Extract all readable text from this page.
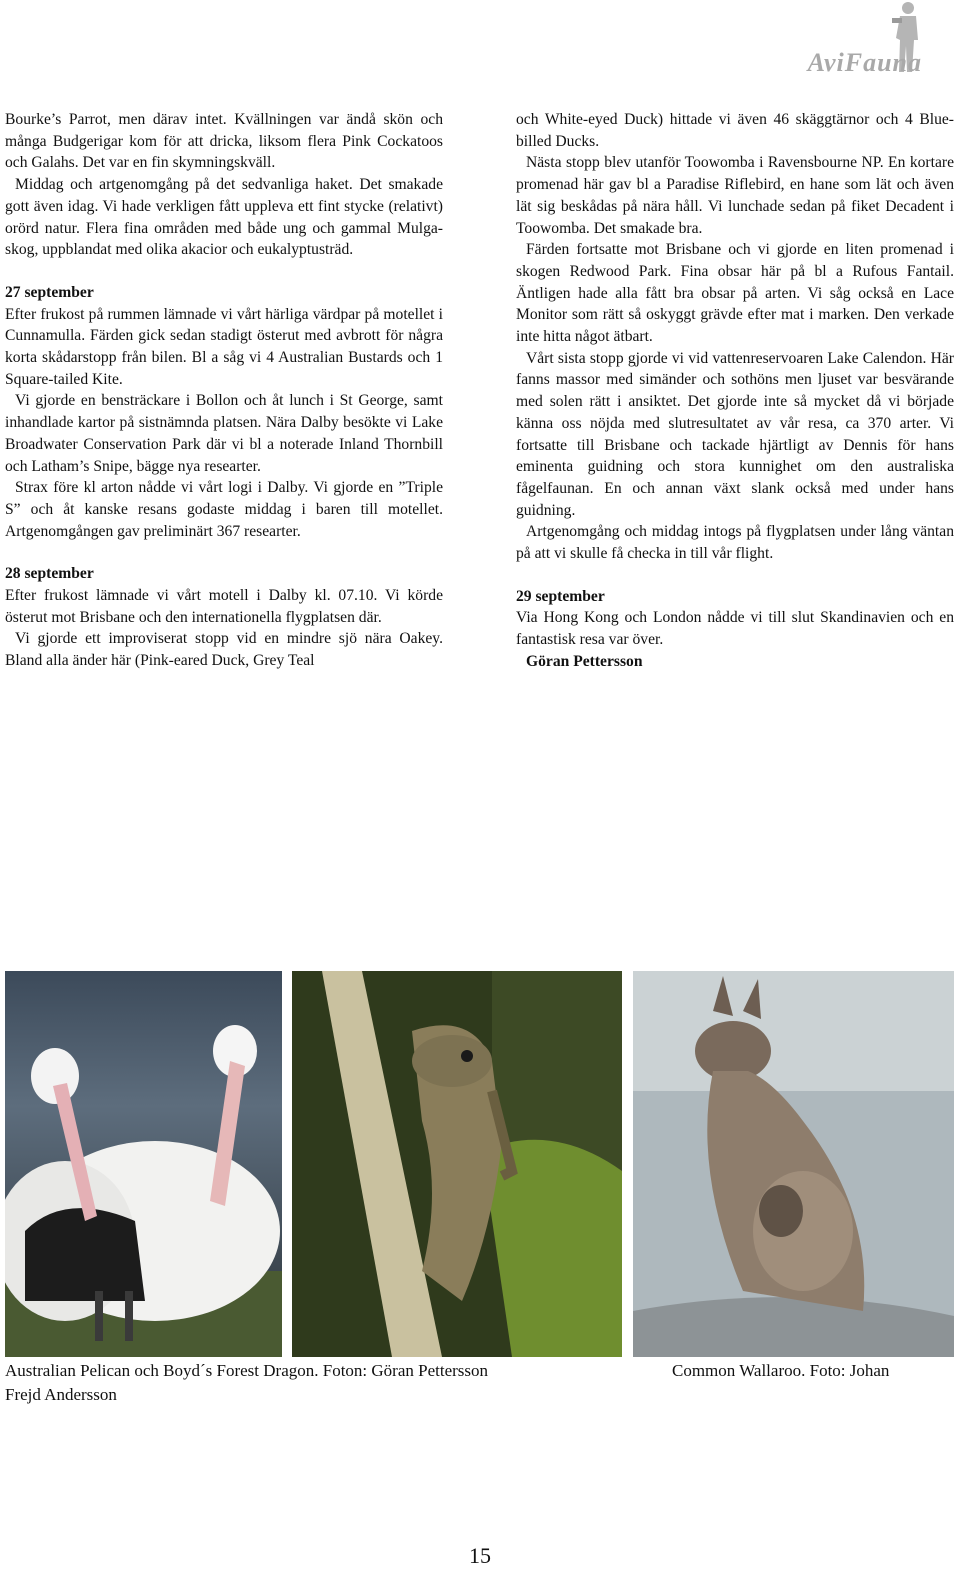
AviFauna

Bourke’s Parrot, men därav intet. Kvällningen var ändå skön och många Budgerigar kom för att dricka, liksom flera Pink Cockatoos och Galahs. Det var en fin skymningskväll.

Middag och artgenomgång på det sedvanliga haket. Det smakade gott även idag. Vi hade verkligen fått uppleva ett fint stycke (relativt) orörd natur. Flera fina områden med både ung och gammal Mulga-skog, uppblandat med olika akacior och eukalyptusträd.

27 september

Efter frukost på rummen lämnade vi vårt härliga värdpar på motellet i Cunnamulla. Färden gick sedan stadigt österut med avbrott för några korta skådarstopp från bilen. Bl a såg vi 4 Australian Bustards och 1 Square-tailed Kite.

Vi gjorde en bensträckare i Bollon och åt lunch i St George, samt inhandlade kartor på sistnämnda platsen. Nära Dalby besökte vi Lake Broadwater Conservation Park där vi bl a noterade Inland Thornbill och Latham’s Snipe, bägge nya researter.

Strax före kl arton nådde vi vårt logi i Dalby. Vi gjorde en ”Triple S” och åt kanske resans godaste middag i baren till motellet. Artgenomgången gav preliminärt 367 researter.

28 september

Efter frukost lämnade vi vårt motell i Dalby kl. 07.10. Vi körde österut mot Brisbane och den internationella flygplatsen där.

Vi gjorde ett improviserat stopp vid en mindre sjö nära Oakey. Bland alla änder här (Pink-eared Duck, Grey Teal

och White-eyed Duck) hittade vi även 46 skäggtärnor och 4 Blue-billed Ducks.

Nästa stopp blev utanför Toowomba i Ravensbourne NP. En kortare promenad här gav bl a Paradise Riflebird, en hane som lät och även lät sig beskådas på nära håll. Vi lunchade sedan på fiket Decadent i Toowomba. Det smakade bra.

Färden fortsatte mot Brisbane och vi gjorde en liten promenad i skogen Redwood Park. Fina obsar här på bl a Rufous Fantail. Äntligen hade alla fått bra obsar på arten. Vi såg också en Lace Monitor som rätt så oskyggt grävde efter mat i marken. Den verkade inte hitta något ätbart.

Vårt sista stopp gjorde vi vid vattenreservoaren Lake Calendon. Här fanns massor med simänder och sothöns men ljuset var besvärande med solen rätt i ansiktet. Det gjorde inte så mycket då vi började känna oss nöjda med slutresultatet av vår resa, ca 370 arter. Vi fortsatte till Brisbane och tackade hjärtligt av Dennis för hans eminenta guidning och stora kunnighet om den australiska fågelfaunan. En och annan växt slank också med under hans guidning.

Artgenomgång och middag intogs på flygplatsen under lång väntan på att vi skulle få checka in till vår flight.

29 september

Via Hong Kong och London nådde vi till slut Skandinavien och en fantastisk resa var över.

Göran Pettersson

Australian Pelican och Boyd´s Forest Dragon. Foton: Göran Pettersson	Common Wallaroo. Foto: Johan
Frejd Andersson
15
